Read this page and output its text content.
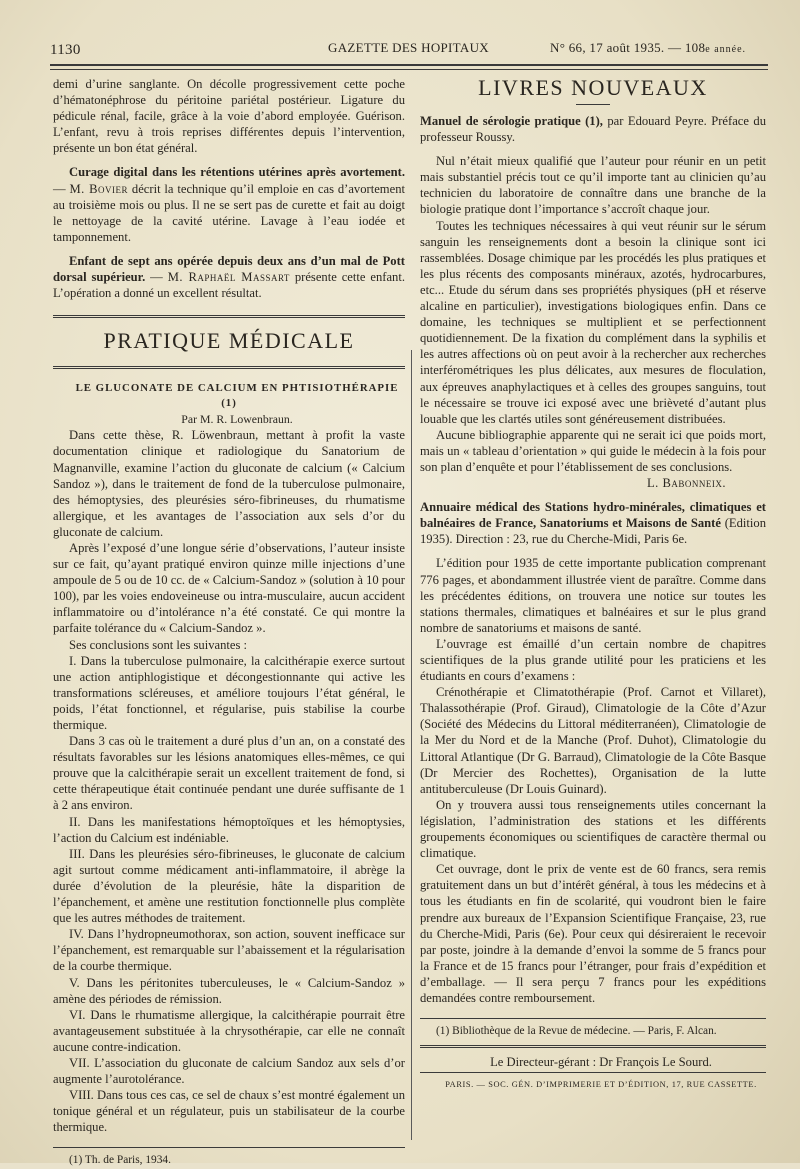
1130	GAZETTE DES HOPITAUX	N° 66, 17 août 1935. — 108e année.

demi d’urine sanglante. On décolle progressivement cette poche d’hématonéphrose du péritoine pariétal postérieur. Ligature du pédicule rénal, facile, grâce à la voie d’abord employée. Guérison. L’enfant, revu à trois reprises différentes depuis l’intervention, présente un bon état général.

Curage digital dans les rétentions utérines après avortement. — M. Bovier décrit la technique qu’il emploie en cas d’avortement au troisième mois ou plus. Il ne se sert pas de curette et fait au doigt le nettoyage de la cavité utérine. Lavage à l’eau iodée et tamponnement.

Enfant de sept ans opérée depuis deux ans d’un mal de Pott dorsal supérieur. — M. Raphaël Massart présente cette enfant. L’opération a donné un excellent résultat.

PRATIQUE MÉDICALE

LE GLUCONATE DE CALCIUM EN PHTISIOTHÉRAPIE (1)

Par M. R. Lowenbraun.

Dans cette thèse, R. Löwenbraun, mettant à profit la vaste documentation clinique et radiologique du Sanatorium de Magnanville, examine l’action du gluconate de calcium (« Calcium Sandoz »), dans le traitement de fond de la tuberculose pulmonaire, des hémoptysies, des pleurésies séro-fibrineuses, du rhumatisme allergique, et les avantages de l’association aux sels d’or du gluconate de calcium.

Après l’exposé d’une longue série d’observations, l’auteur insiste sur ce fait, qu’ayant pratiqué environ quinze mille injections d’une ampoule de 5 ou de 10 cc. de « Calcium-Sandoz » (solution à 10 pour 100), par les voies endoveineuse ou intra-musculaire, aucun accident inflammatoire ou d’intolérance n’a été constaté. Ce qui montre la parfaite tolérance du « Calcium-Sandoz ».

Ses conclusions sont les suivantes :

I. Dans la tuberculose pulmonaire, la calcithérapie exerce surtout une action antiphlogistique et décongestionnante qui active les transformations scléreuses, et améliore toujours l’état général, le poids, l’état fonctionnel, et régularise, puis stabilise la courbe thermique.

Dans 3 cas où le traitement a duré plus d’un an, on a constaté des résultats favorables sur les lésions anatomiques elles-mêmes, ce qui prouve que la calcithérapie serait un excellent traitement de fond, si cette thérapeutique était continuée pendant une durée suffisante de 1 à 2 ans environ.

II. Dans les manifestations hémoptoïques et les hémoptysies, l’action du Calcium est indéniable.

III. Dans les pleurésies séro-fibrineuses, le gluconate de calcium agit surtout comme médicament anti-inflammatoire, il abrège la durée d’évolution de la pleurésie, hâte la disparition de l’épanchement, et amène une restitution fonctionnelle plus complète que les autres méthodes de traitement.

IV. Dans l’hydropneumothorax, son action, souvent inefficace sur l’épanchement, est remarquable sur l’abaissement et la régularisation de la courbe thermique.

V. Dans les péritonites tuberculeuses, le « Calcium-Sandoz » amène des périodes de rémission.

VI. Dans le rhumatisme allergique, la calcithérapie pourrait être avantageusement substituée à la chrysothérapie, car elle ne connaît aucune contre-indication.

VII. L’association du gluconate de calcium Sandoz aux sels d’or augmente l’aurotolérance.

VIII. Dans tous ces cas, ce sel de chaux s’est montré également un tonique général et un régulateur, puis un stabilisateur de la courbe thermique.

(1) Th. de Paris, 1934.

LIVRES NOUVEAUX

Manuel de sérologie pratique (1), par Edouard Peyre. Préface du professeur Roussy.

Nul n’était mieux qualifié que l’auteur pour réunir en un petit mais substantiel précis tout ce qu’il importe tant au clinicien qu’au technicien du laboratoire de connaître dans une branche de la biologie pratique dont l’importance s’accroît chaque jour.

Toutes les techniques nécessaires à qui veut réunir sur le sérum sanguin les renseignements dont a besoin la clinique sont ici rassemblées. Dosage chimique par les procédés les plus pratiques et les plus récents des composants minéraux, azotés, hydrocarbures, etc... Etude du sérum dans ses propriétés physiques (pH et réserve alcaline en particulier), investigations biologiques enfin. Dans ce domaine, les techniques se multiplient et se perfectionnent quotidiennement. De la fixation du complément dans la syphilis et les autres affections où on peut avoir à la rechercher aux recherches interférométriques les plus délicates, aux mesures de floculation, aux épreuves anaphylactiques et à celles des groupes sanguins, tout le nécessaire se trouve ici exposé avec une brièveté d’autant plus louable que les clartés utiles sont généreusement distribuées.

Aucune bibliographie apparente qui ne serait ici que poids mort, mais un « tableau d’orientation » qui guide le médecin à la fois pour son plan d’enquête et pour l’établissement de ses conclusions.

L. Babonneix.

Annuaire médical des Stations hydro-minérales, climatiques et balnéaires de France, Sanatoriums et Maisons de Santé (Edition 1935). Direction : 23, rue du Cherche-Midi, Paris 6e.

L’édition pour 1935 de cette importante publication comprenant 776 pages, et abondamment illustrée vient de paraître. Comme dans les précédentes éditions, on trouvera une notice sur toutes les stations thermales, climatiques et balnéaires et sur le plus grand nombre de sanatoriums et maisons de santé.

L’ouvrage est émaillé d’un certain nombre de chapitres scientifiques de la plus grande utilité pour les praticiens et les étudiants en cours d’examens :

Crénothérapie et Climatothérapie (Prof. Carnot et Villaret), Thalassothérapie (Prof. Giraud), Climatologie de la Côte d’Azur (Société des Médecins du Littoral méditerranéen), Climatologie de la Mer du Nord et de la Manche (Prof. Duhot), Climatologie du Littoral Atlantique (Dr G. Barraud), Climatologie de la Côte Basque (Dr Mercier des Rochettes), Organisation de la lutte antituberculeuse (Dr Louis Guinard).

On y trouvera aussi tous renseignements utiles concernant la législation, l’administration des stations et les différents groupements économiques ou scientifiques de caractère thermal ou climatique.

Cet ouvrage, dont le prix de vente est de 60 francs, sera remis gratuitement dans un but d’intérêt général, à tous les médecins et à tous les étudiants en fin de scolarité, qui voudront bien le faire prendre aux bureaux de l’Expansion Scientifique Française, 23, rue du Cherche-Midi, Paris (6e). Pour ceux qui désireraient le recevoir par poste, joindre à la demande d’envoi la somme de 5 francs pour la France et de 15 francs pour l’étranger, pour frais d’expédition et d’emballage. — Il sera perçu 7 francs pour les expéditions demandées contre remboursement.

(1) Bibliothèque de la Revue de médecine. — Paris, F. Alcan.

Le Directeur-gérant : Dr François Le Sourd.

PARIS. — SOC. GÉN. D’IMPRIMERIE ET D’ÉDITION, 17, RUE CASSETTE.
